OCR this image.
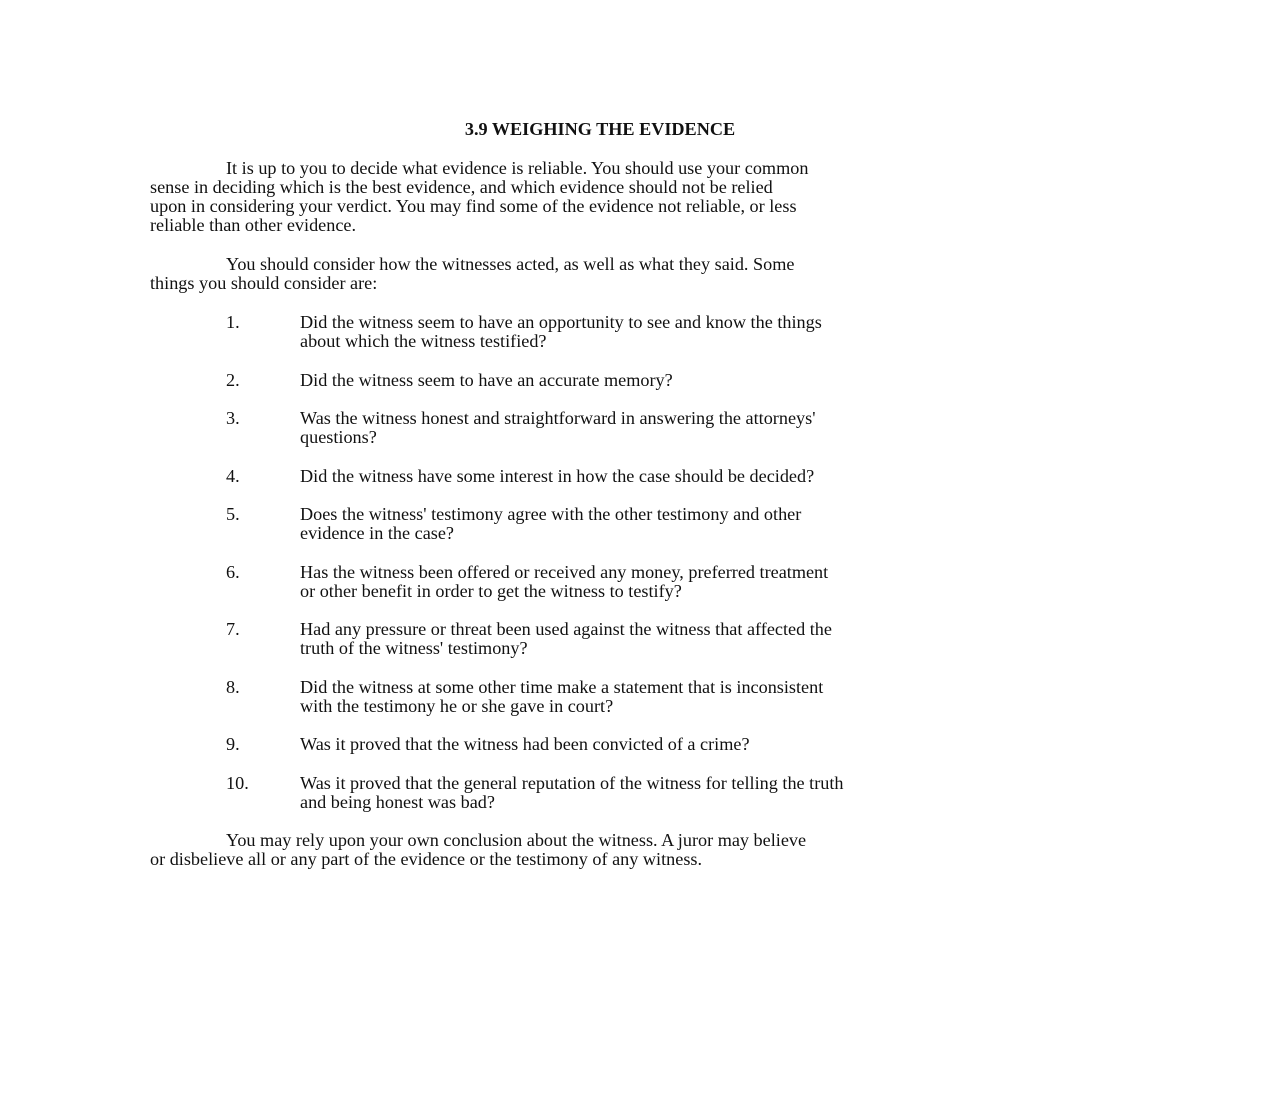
3.9 WEIGHING THE EVIDENCE
It is up to you to decide what evidence is reliable. You should use your common
sense in deciding which is the best evidence, and which evidence should not be relied
upon in considering your verdict. You may find some of the evidence not reliable, or less
reliable than other evidence.
You should consider how the witnesses acted, as well as what they said. Some
things you should consider are:
1.	Did the witness seem to have an opportunity to see and know the things
about which the witness testified?
2.	Did the witness seem to have an accurate memory?
3.	Was the witness honest and straightforward in answering the attorneys'
questions?
4.	Did the witness have some interest in how the case should be decided?
5.	Does the witness' testimony agree with the other testimony and other
evidence in the case?
6.	Has the witness been offered or received any money, preferred treatment
or other benefit in order to get the witness to testify?
7.	Had any pressure or threat been used against the witness that affected the
truth of the witness' testimony?
8.	Did the witness at some other time make a statement that is inconsistent
with the testimony he or she gave in court?
9.	Was it proved that the witness had been convicted of a crime?
10.	Was it proved that the general reputation of the witness for telling the truth
and being honest was bad?
You may rely upon your own conclusion about the witness. A juror may believe
or disbelieve all or any part of the evidence or the testimony of any witness.
